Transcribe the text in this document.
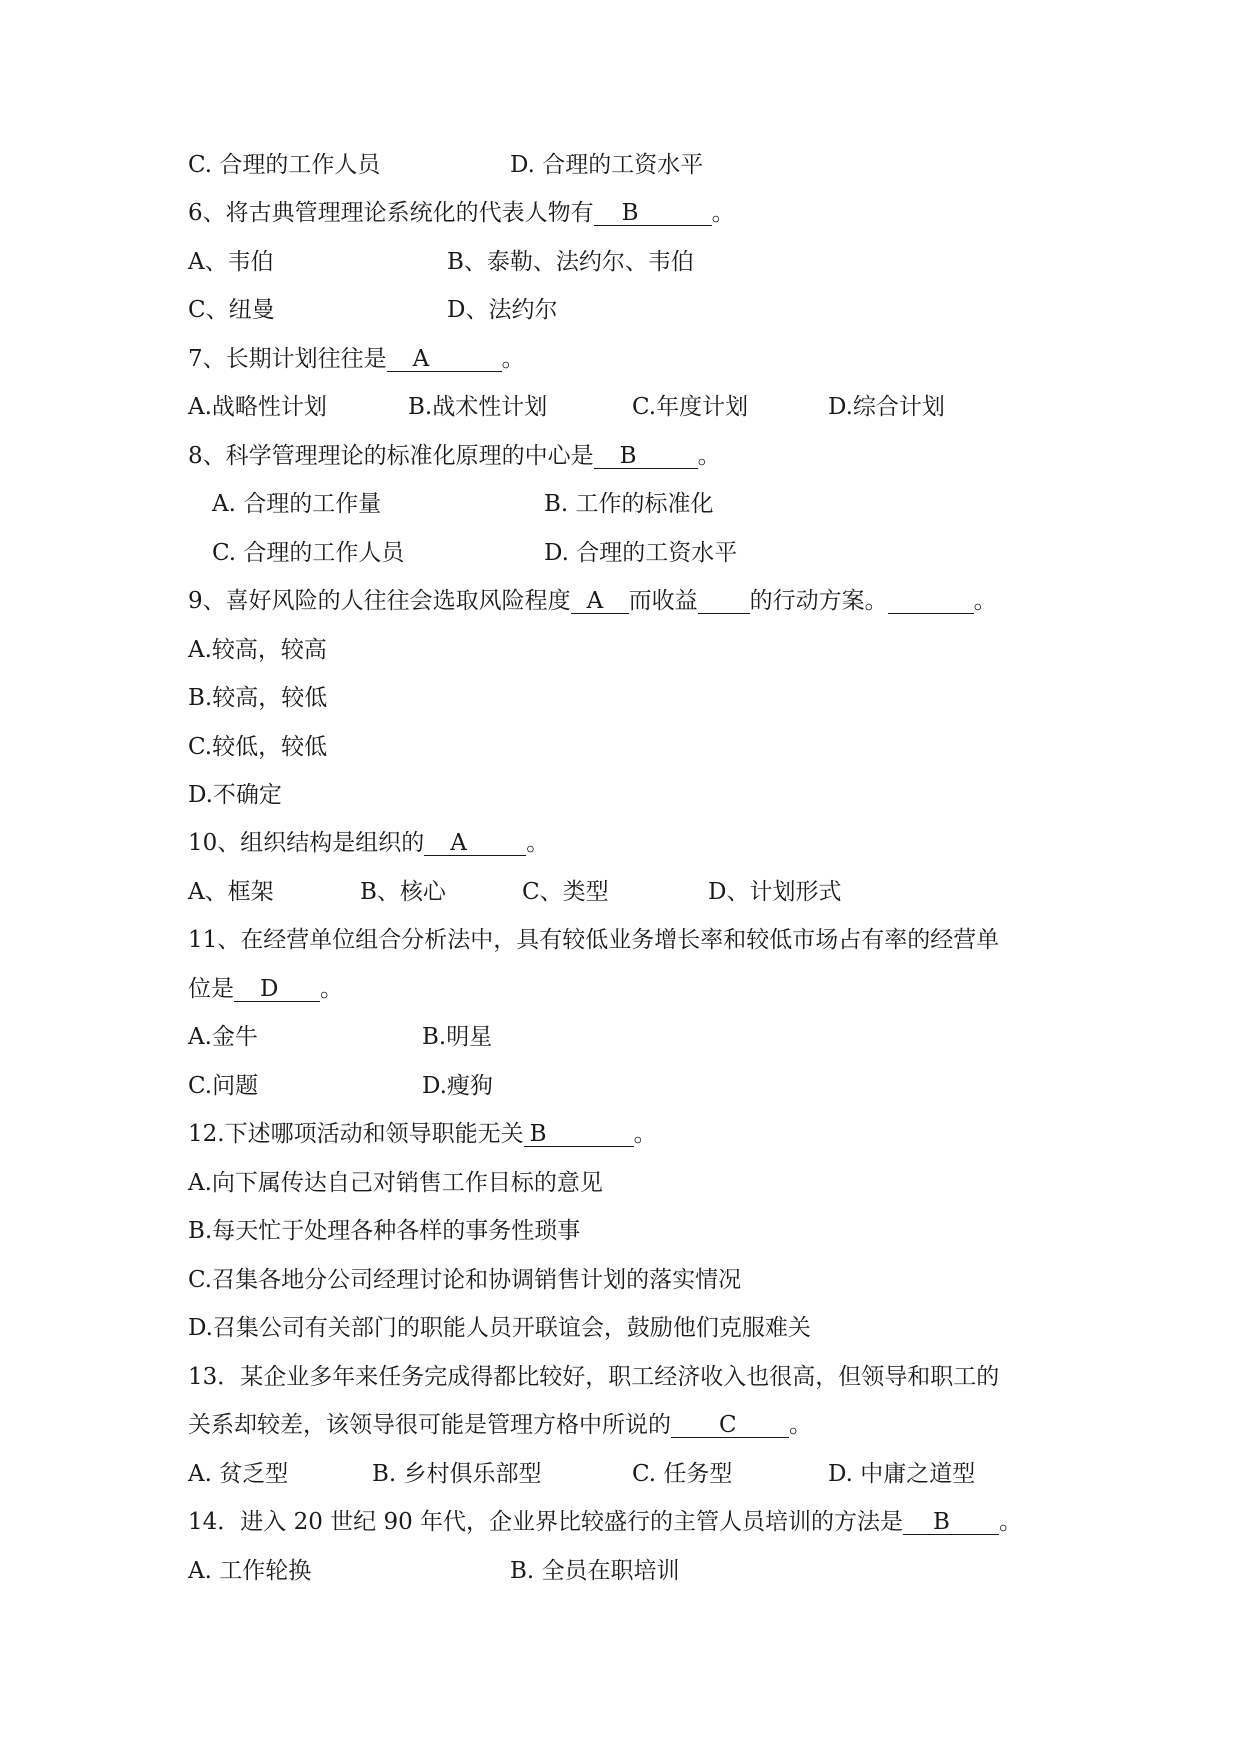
C. 合理的工作人员	D. 合理的工资水平
6、将古典管理理论系统化的代表人物有 B	。
A、韦伯	B、泰勒、法约尔、韦伯
C、纽曼	D、法约尔
7、长期计划往往是 A	。
A.战略性计划	B.战术性计划	C.年度计划	D.综合计划
8、科学管理理论的标准化原理的中心是 B	。
A. 合理的工作量	B. 工作的标准化
C. 合理的工作人员	D. 合理的工资水平
9、喜好风险的人往往会选取风险程度 A 而收益 的行动方案。	。
A.较高，较高
B.较高，较低
C.较低，较低
D.不确定
10、组织结构是组织的 A	。
A、框架	B、核心	C、类型	D、计划形式
11、在经营单位组合分析法中，具有较低业务增长率和较低市场占有率的经营单
位是 D 。
A.金牛	B.明星
C.问题	D.瘦狗
12.下述哪项活动和领导职能无关 B	。
A.向下属传达自己对销售工作目标的意见
B.每天忙于处理各种各样的事务性琐事
C.召集各地分公司经理讨论和协调销售计划的落实情况
D.召集公司有关部门的职能人员开联谊会，鼓励他们克服难关
13．某企业多年来任务完成得都比较好，职工经济收入也很高，但领导和职工的
关系却较差，该领导很可能是管理方格中所说的 C 。
A. 贫乏型	B. 乡村俱乐部型	C. 任务型	D. 中庸之道型
14．进入 20 世纪 90 年代，企业界比较盛行的主管人员培训的方法是 B 。
A. 工作轮换	B. 全员在职培训
